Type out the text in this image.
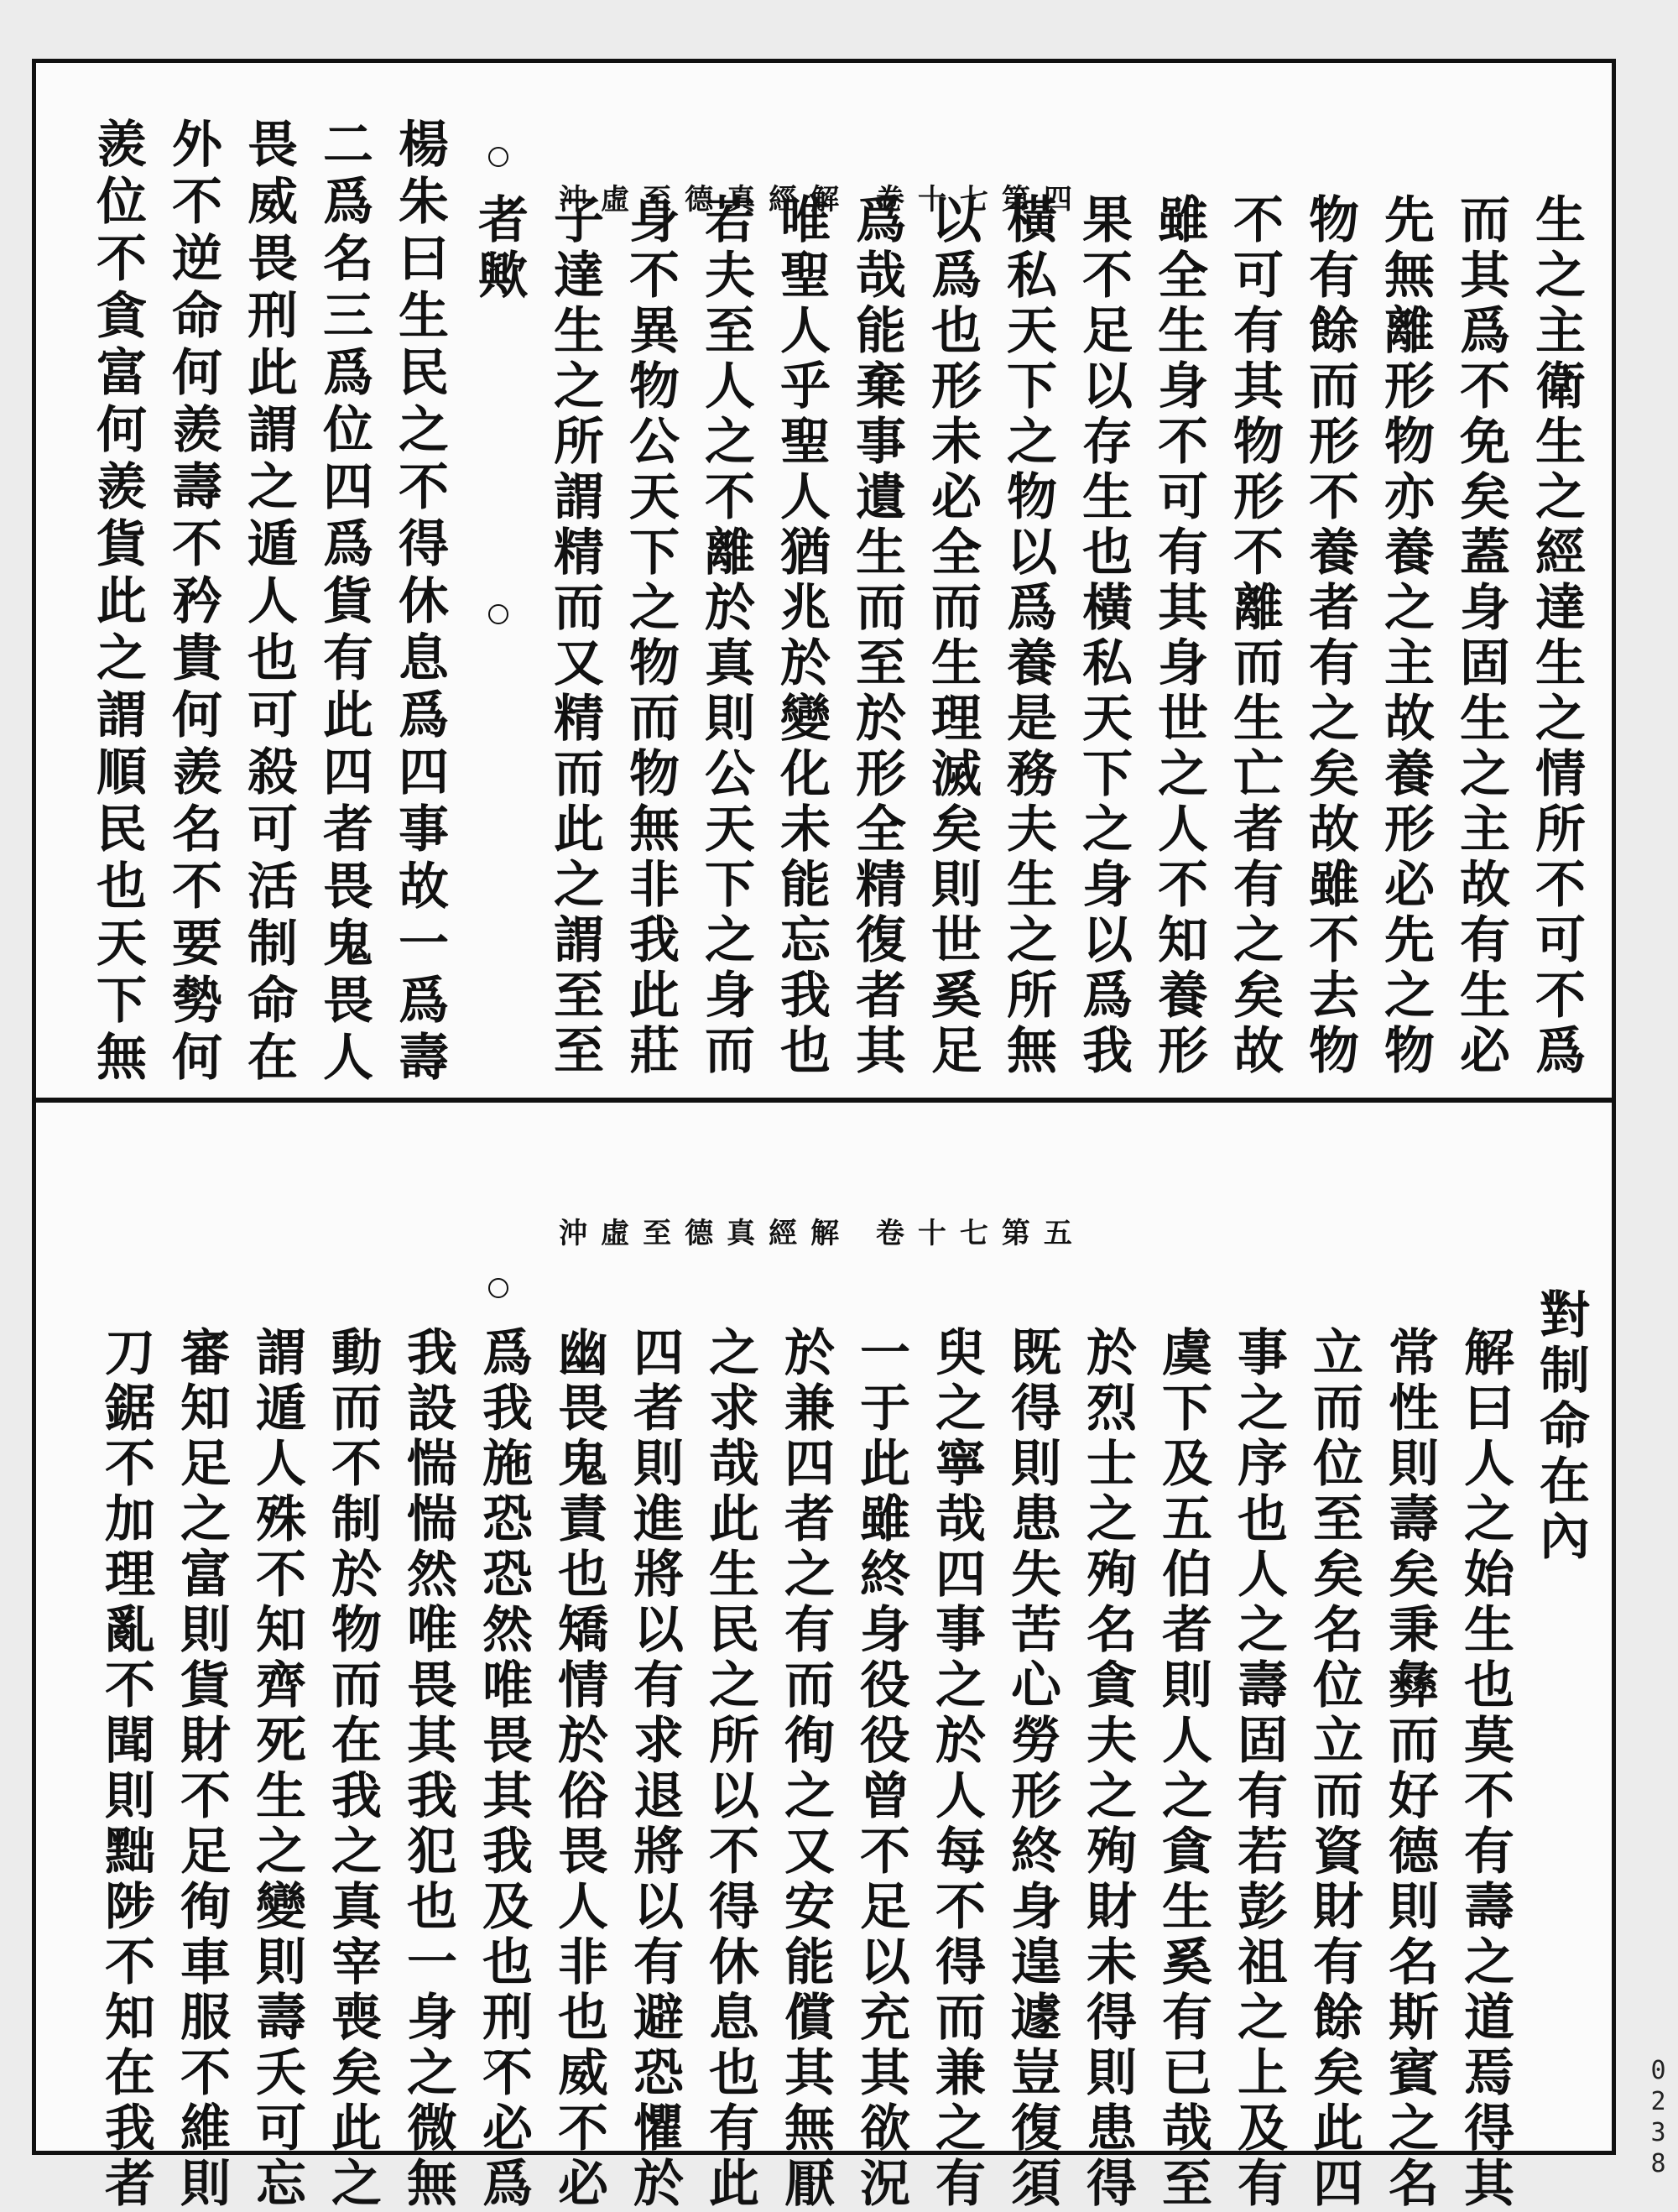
沖虛至德真經解 卷十七第四	生之主衛生之經達生之情所不可不爲
而其爲不免矣蓋身固生之主故有生必
先無離形物亦養之主故養形必先之物
物有餘而形不養者有之矣故雖不去物
不可有其物形不離而生亡者有之矣故
雖全生身不可有其身世之人不知養形
果不足以存生也橫私天下之身以爲我
橫私天下之物以爲養是務夫生之所無
以爲也形未必全而生理滅矣則世奚足
爲哉能棄事遺生而至於形全精復者其
唯聖人乎聖人猶兆於變化未能忘我也
若夫至人之不離於真則公天下之身而
身不異物公天下之物而物無非我此莊
子達生之所謂精而又精而此之謂至至
者歟
楊朱曰生民之不得休息爲四事故一爲壽
二爲名三爲位四爲貨有此四者畏鬼畏人
畏威畏刑此謂之遁人也可殺可活制命在
外不逆命何羨壽不矜貴何羨名不要勢何
羨位不貪富何羨貨此之謂順民也天下無
沖虛至德真經解 卷十七第五
對制命在內
解曰人之始生也莫不有壽之道焉得其
常性則壽矣秉彝而好德則名斯賓之名
立而位至矣名位立而資財有餘矣此四
事之序也人之壽固有若彭祖之上及有
虞下及五伯者則人之貪生奚有已哉至
於烈士之殉名貪夫之殉財未得則患得
既得則患失苦心勞形終身遑遽豈復須
臾之寧哉四事之於人每不得而兼之有
一于此雖終身役役曾不足以充其欲況
於兼四者之有而徇之又安能償其無厭
之求哉此生民之所以不得休息也有此
四者則進將以有求退將以有避恐懼於
幽畏鬼責也矯情於俗畏人非也威不必
爲我施恐恐然唯畏其我及也刑不必爲
我設惴惴然唯畏其我犯也一身之微無
動而不制於物而在我之真宰喪矣此之
謂遁人殊不知齊死生之變則壽夭可忘
審知足之富則貨財不足徇車服不維則
刀鋸不加理亂不聞則黜陟不知在我者	0238
